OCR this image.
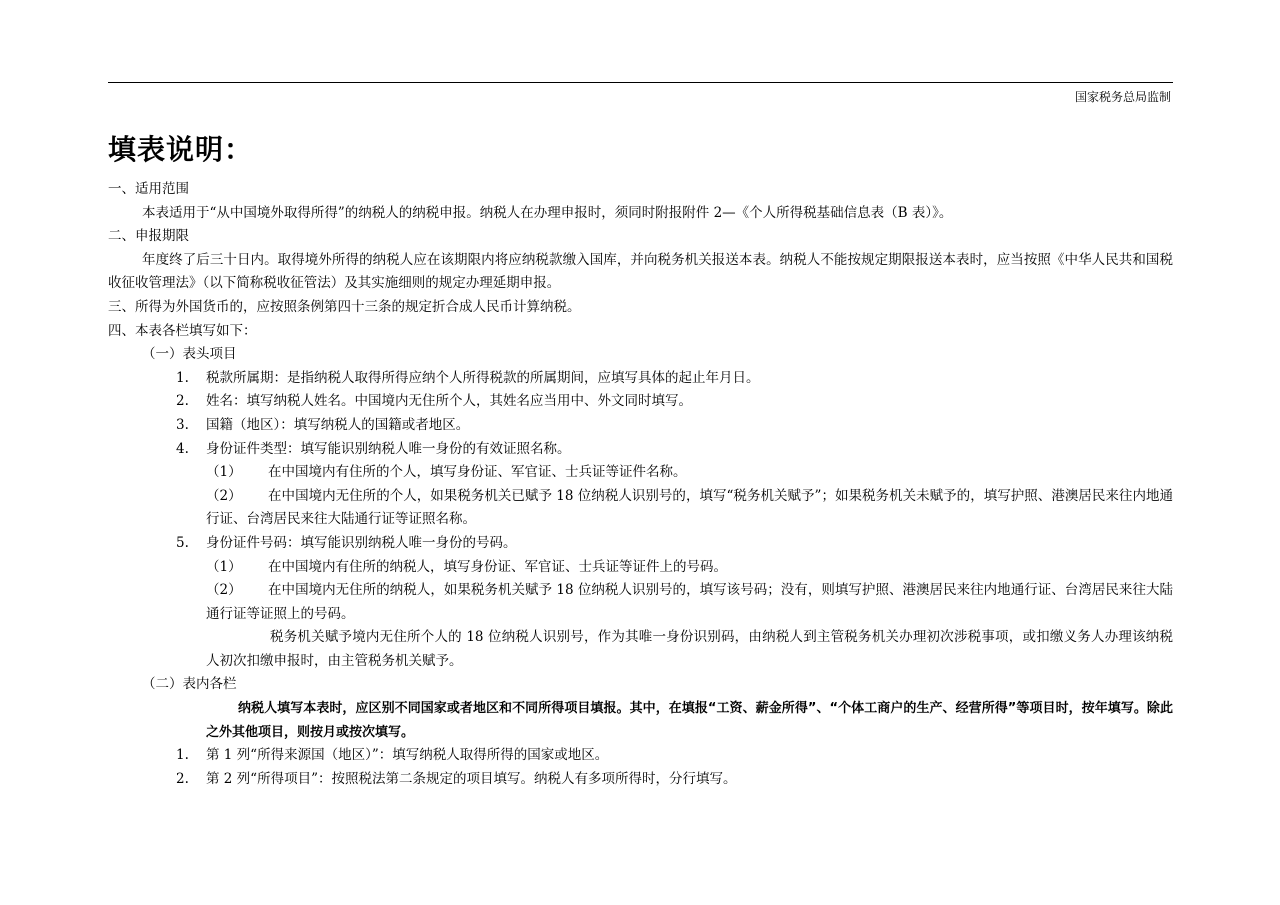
国家税务总局监制
填表说明：
一、适用范围
本表适用于“从中国境外取得所得”的纳税人的纳税申报。纳税人在办理申报时，须同时附报附件 2—《个人所得税基础信息表（B 表）》。
二、申报期限
年度终了后三十日内。取得境外所得的纳税人应在该期限内将应纳税款缴入国库，并向税务机关报送本表。纳税人不能按规定期限报送本表时，应当按照《中华人民共和国税收征收管理法》（以下简称税收征管法）及其实施细则的规定办理延期申报。
三、所得为外国货币的，应按照条例第四十三条的规定折合成人民币计算纳税。
四、本表各栏填写如下：
（一）表头项目
1.	税款所属期：是指纳税人取得所得应纳个人所得税款的所属期间，应填写具体的起止年月日。
2.	姓名：填写纳税人姓名。中国境内无住所个人，其姓名应当用中、外文同时填写。
3.	国籍（地区）：填写纳税人的国籍或者地区。
4.	身份证件类型：填写能识别纳税人唯一身份的有效证照名称。
（1） 在中国境内有住所的个人，填写身份证、军官证、士兵证等证件名称。
（2） 在中国境内无住所的个人，如果税务机关已赋予 18 位纳税人识别号的，填写“税务机关赋予”；如果税务机关未赋予的，填写护照、港澳居民来往内地通行证、台湾居民来往大陆通行证等证照名称。
5.	身份证件号码：填写能识别纳税人唯一身份的号码。
（1） 在中国境内有住所的纳税人，填写身份证、军官证、士兵证等证件上的号码。
（2） 在中国境内无住所的纳税人，如果税务机关赋予 18 位纳税人识别号的，填写该号码；没有，则填写护照、港澳居民来往内地通行证、台湾居民来往大陆通行证等证照上的号码。
税务机关赋予境内无住所个人的 18 位纳税人识别号，作为其唯一身份识别码，由纳税人到主管税务机关办理初次涉税事项，或扣缴义务人办理该纳税人初次扣缴申报时，由主管税务机关赋予。
（二）表内各栏
纳税人填写本表时，应区别不同国家或者地区和不同所得项目填报。其中，在填报“工资、薪金所得”、“个体工商户的生产、经营所得”等项目时，按年填写。除此之外其他项目，则按月或按次填写。
1.	第 1 列“所得来源国（地区）”：填写纳税人取得所得的国家或地区。
2.	第 2 列“所得项目”：按照税法第二条规定的项目填写。纳税人有多项所得时，分行填写。
